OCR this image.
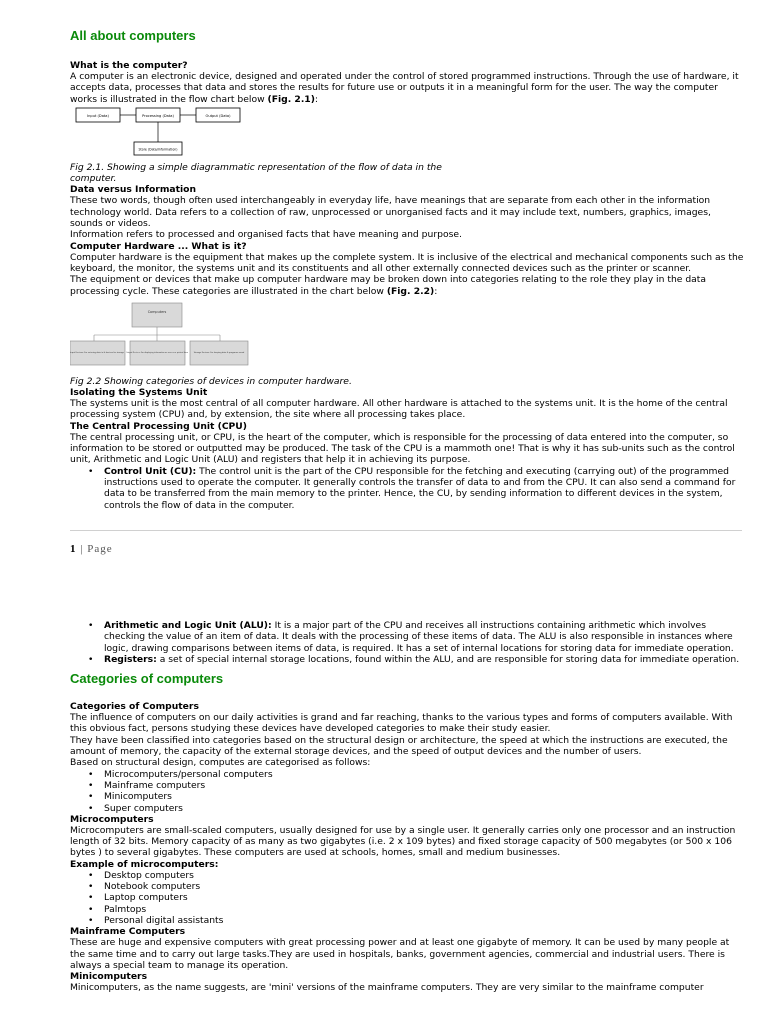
All about computers
What is the computer?

A computer is an electronic device, designed and operated under the control of stored programmed instructions. Through the use of hardware, it accepts data, processes that data and stores the results for future use or outputs it in a meaningful form for the user. The way the computer works is illustrated in the flow chart below (Fig. 2.1):

Input (Data)	Processing (Data)	Output (Data)
Store (Data/Information)

Fig 2.1. Showing a simple diagrammatic representation of the flow of data in the computer.

Data versus Information

These two words, though often used interchangeably in everyday life, have meanings that are separate from each other in the information technology world. Data refers to a collection of raw, unprocessed or unorganised facts and it may include text, numbers, graphics, images, sounds or videos.

Information refers to processed and organised facts that have meaning and purpose.

Computer Hardware ... What is it?

Computer hardware is the equipment that makes up the complete system. It is inclusive of the electrical and mechanical components such as the keyboard, the monitor, the systems unit and its constituents and all other externally connected devices such as the printer or scanner.

The equipment or devices that make up computer hardware may be broken down into categories relating to the role they play in the data processing cycle. These categories are illustrated in the chart below (Fig. 2.2):

Computers
Input Devices: For entering data in & devices for storage	Output Devices: For displaying information on screen or printed form	Storage Devices: For keeping data & programs saved

Fig 2.2 Showing categories of devices in computer hardware.

Isolating the Systems Unit

The systems unit is the most central of all computer hardware. All other hardware is attached to the systems unit. It is the home of the central processing system (CPU) and, by extension, the site where all processing takes place.

The Central Processing Unit (CPU)

The central processing unit, or CPU, is the heart of the computer, which is responsible for the processing of data entered into the computer, so information to be stored or outputted may be produced. The task of the CPU is a mammoth one! That is why it has sub-units such as the control unit, Arithmetic and Logic Unit (ALU) and registers that help it in achieving its purpose.

• Control Unit (CU): The control unit is the part of the CPU responsible for the fetching and executing (carrying out) of the programmed instructions used to operate the computer. It generally controls the transfer of data to and from the CPU. It can also send a command for data to be transferred from the main memory to the printer. Hence, the CU, by sending information to different devices in the system, controls the flow of data in the computer.
1 | Page
• Arithmetic and Logic Unit (ALU): It is a major part of the CPU and receives all instructions containing arithmetic which involves checking the value of an item of data. It deals with the processing of these items of data. The ALU is also responsible in instances where logic, drawing comparisons between items of data, is required. It has a set of internal locations for storing data for immediate operation.
• Registers: a set of special internal storage locations, found within the ALU, and are responsible for storing data for immediate operation.
Categories of computers
Categories of Computers

The influence of computers on our daily activities is grand and far reaching, thanks to the various types and forms of computers available. With this obvious fact, persons studying these devices have developed categories to make their study easier.

They have been classified into categories based on the structural design or architecture, the speed at which the instructions are executed, the amount of memory, the capacity of the external storage devices, and the speed of output devices and the number of users.

Based on structural design, computes are categorised as follows:

• Microcomputers/personal computers
• Mainframe computers
• Minicomputers
• Super computers
Microcomputers

Microcomputers are small-scaled computers, usually designed for use by a single user. It generally carries only one processor and an instruction length of 32 bits. Memory capacity of as many as two gigabytes (i.e. 2 x 109 bytes) and fixed storage capacity of 500 megabytes (or 500 x 106 bytes ) to several gigabytes. These computers are used at schools, homes, small and medium businesses.

Example of microcomputers:
• Desktop computers
• Notebook computers
• Laptop computers
• Palmtops
• Personal digital assistants
Mainframe Computers

These are huge and expensive computers with great processing power and at least one gigabyte of memory. It can be used by many people at the same time and to carry out large tasks.They are used in hospitals, banks, government agencies, commercial and industrial users. There is always a special team to manage its operation.

Minicomputers

Minicomputers, as the name suggests, are 'mini' versions of the mainframe computers. They are very similar to the mainframe computer
